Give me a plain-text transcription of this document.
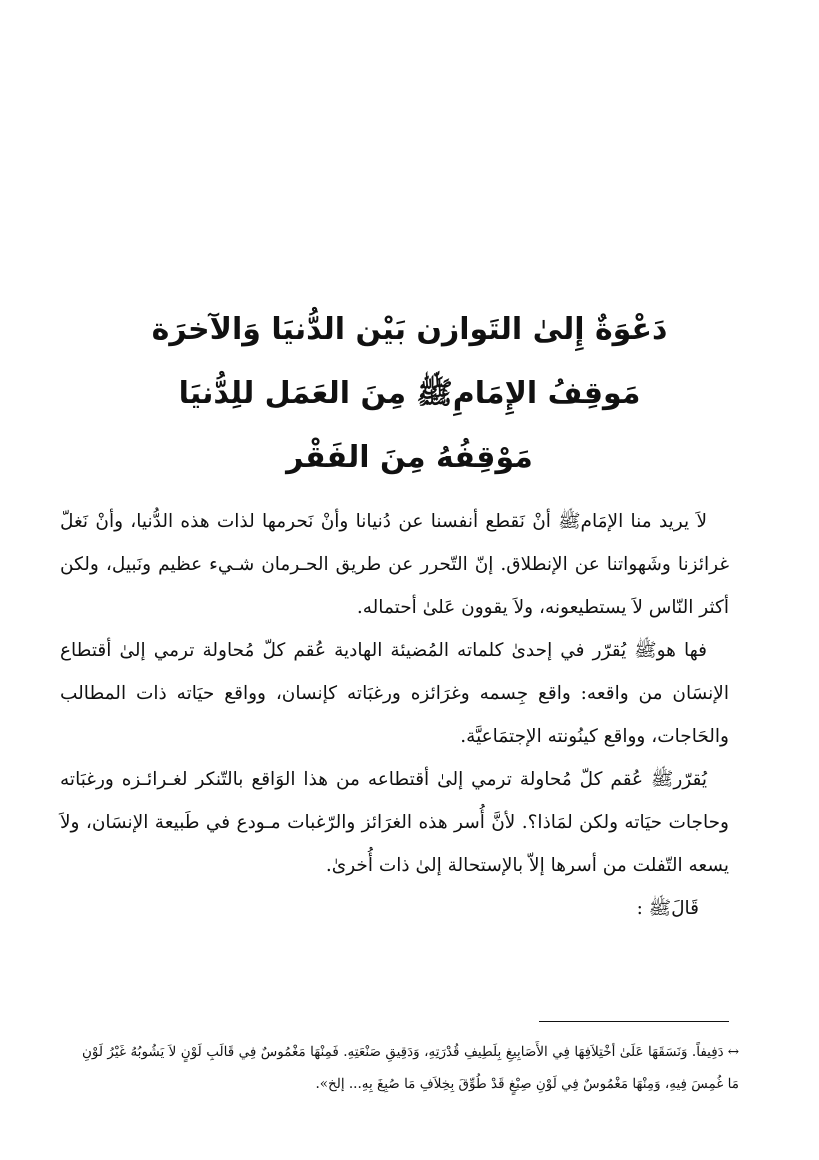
دَعْوَةٌ إِلىٰ التَوازن بَيْن الدُّنيَا وَالآخرَة
مَوقِفُ الإِمَامِﷺ مِنَ العَمَل للِدُّنيَا
مَوْقِفُهُ مِنَ الفَقْر

لاَ يريد منا الإمَامﷺ أنْ نَقطع أنفسنا عن دُنيانا وأنْ نَحرمها لذات هذه الدُّنيا، وأنْ نَغلّ غرائزنا وشَهواتنا عن الإنطلاق. إنّ التّحرر عن طريق الحـرمان شـيء عظيم ونَبيل، ولكن أكثر النّاس لاَ يستطيعونه، ولاَ يقوون عَلىٰ أحتماله.

فها هوﷺ يُقرّر في إحدىٰ كلماته المُضيئة الهادية عُقم كلّ مُحاولة ترمي إلىٰ أقتطاع الإنسَان من واقعه: واقع جِسمه وغرَائزه ورغبَاته كإنسان، وواقع حيَاته ذات المطالب والحَاجات، وواقع كينُونته الإجتمَاعيَّة.

يُقرّرﷺ عُقم كلّ مُحاولة ترمي إلىٰ أقتطاعه من هذا الوَاقع بالتّنكر لغـرائـزه ورغبَاته وحاجات حيَاته ولكن لمَاذا؟. لأنَّ أُسر هذه الغرَائز والرّغبات مـودع في طَبيعة الإنسَان، ولاَ يسعه التّفلت من أسرها إلاّ بالإستحالة إلىٰ ذات أُخرىٰ.

قَالَﷺ :

↔دَفِيفاً. وَنَسَقَهَا عَلَىٰ أخْتِلاَفِهَا فِي الأَصَابِيغِ بِلَطِيفِ قُدْرَتِهِ، وَدَقِيقِ صَنْعَتِهِ. فَمِنْهَا مَغْمُوسٌ فِي قَالَبِ لَوْنٍ لاَ يَشُوبُهُ غَيْرُ لَوْنِ مَا غُمِسَ فِيهِ، وَمِنْهَا مَغْمُوسٌ فِي لَوْنِ صِبْغٍ قَدْ طُوِّقَ بِخِلاَفِ مَا صُبِغَ بِهِ... إلخ».
